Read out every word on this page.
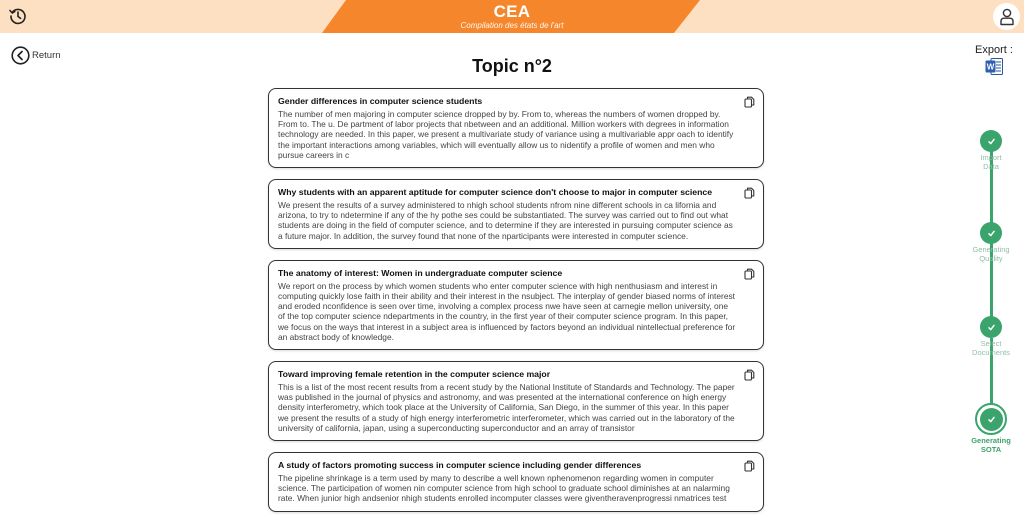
CEA
Compilation des états de l'art
Return	Export :
W
Topic n°2
Gender differences in computer science students
The number of men majoring in computer science dropped by by. From to, whereas the numbers of women dropped by. From to. The u. De partment of labor projects that nbetween and an additional. Million workers with degrees in information technology are needed. In this paper, we present a multivariate study of variance using a multivariable appr oach to identify the important interactions among variables, which will eventually allow us to nidentify a profile of women and men who pursue careers in c
Why students with an apparent aptitude for computer science don't choose to major in computer science
We present the results of a survey administered to nhigh school students nfrom nine different schools in ca lifornia and arizona, to try to ndetermine if any of the hy pothe ses could be substantiated. The survey was carried out to find out what students are doing in the field of computer science, and to determine if they are interested in pursuing computer science as a future major. In addition, the survey found that none of the nparticipants were interested in computer science.
The anatomy of interest: Women in undergraduate computer science
We report on the process by which women students who enter computer science with high nenthusiasm and interest in computing quickly lose faith in their ability and their interest in the nsubject. The interplay of gender biased norms of interest and eroded nconfidence is seen over time, involving a complex process nwe have seen at carnegie mellon university, one of the top computer science ndepartments in the country, in the first year of their computer science program. In this paper, we focus on the ways that interest in a subject area is influenced by factors beyond an individual nintellectual preference for an abstract body of knowledge.
Toward improving female retention in the computer science major
This is a list of the most recent results from a recent study by the National Institute of Standards and Technology. The paper was published in the journal of physics and astronomy, and was presented at the international conference on high energy density interferometry, which took place at the University of California, San Diego, in the summer of this year. In this paper we present the results of a study of high energy interferometric interferometer, which was carried out in the laboratory of the university of california, japan, using a superconducting superconductor and an array of transistor
A study of factors promoting success in computer science including gender differences
The pipeline shrinkage is a term used by many to describe a well known nphenomenon regarding women in computer science. The participation of women nin computer science from high school to graduate school diminishes at an nalarming rate. When junior high andsenior nhigh students enrolled incomputer classes were giventheravenprogressi nmatrices test
Import
Data
Generating
Quality
Select
Documents
Generating
SOTA
